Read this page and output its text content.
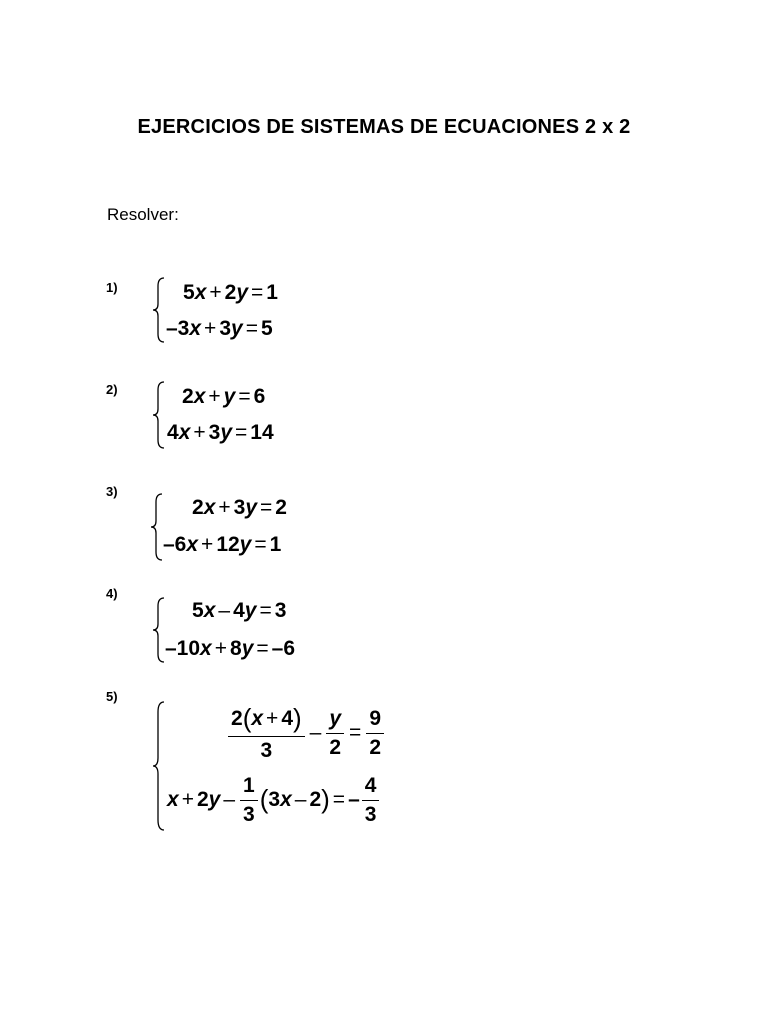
EJERCICIOS DE SISTEMAS DE ECUACIONES 2 x 2
Resolver:
1)	5x + 2y = 1
–3x + 3y = 5
2)	2x + y = 6
4x + 3y = 14
3)
2x + 3y = 2
–6x + 12y = 1
4)
5x – 4y = 3
–10x + 8y = –6
5)
$\frac{2(x + 4)}{3} - \frac{y}{2} = \frac{9}{2}$
$x + 2y - \frac{1}{3} (3x - 2)$ = – $\frac{4}{3}$
